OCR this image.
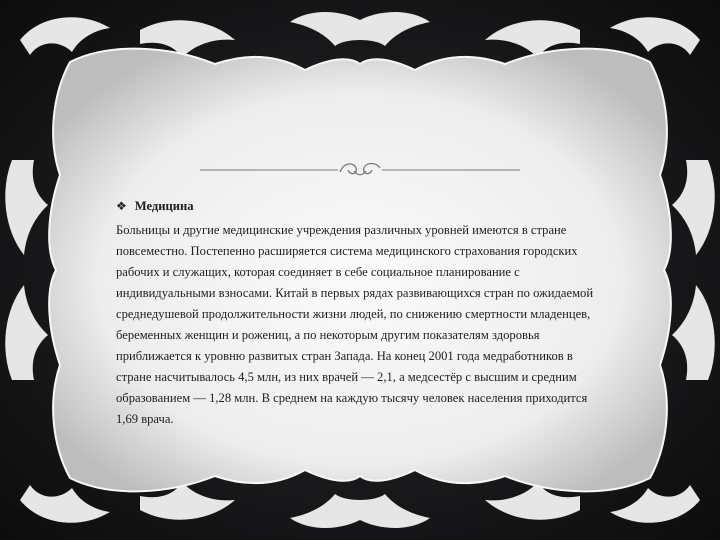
❖ Медицина

Больницы и другие медицинские учреждения различных уровней имеются в стране повсеместно. Постепенно расширяется система медицинского страхования городских рабочих и служащих, которая соединяет в себе социальное планирование с индивидуальными взносами. Китай в первых рядах развивающихся стран по ожидаемой среднедушевой продолжительности жизни людей, по снижению смертности младенцев, беременных женщин и рожениц, а по некоторым другим показателям здоровья приближается к уровню развитых стран Запада. На конец 2001 года медработников в стране насчитывалось 4,5 млн, из них врачей — 2,1, а медсестёр с высшим и средним образованием — 1,28 млн. В среднем на каждую тысячу человек населения приходится 1,69 врача.
